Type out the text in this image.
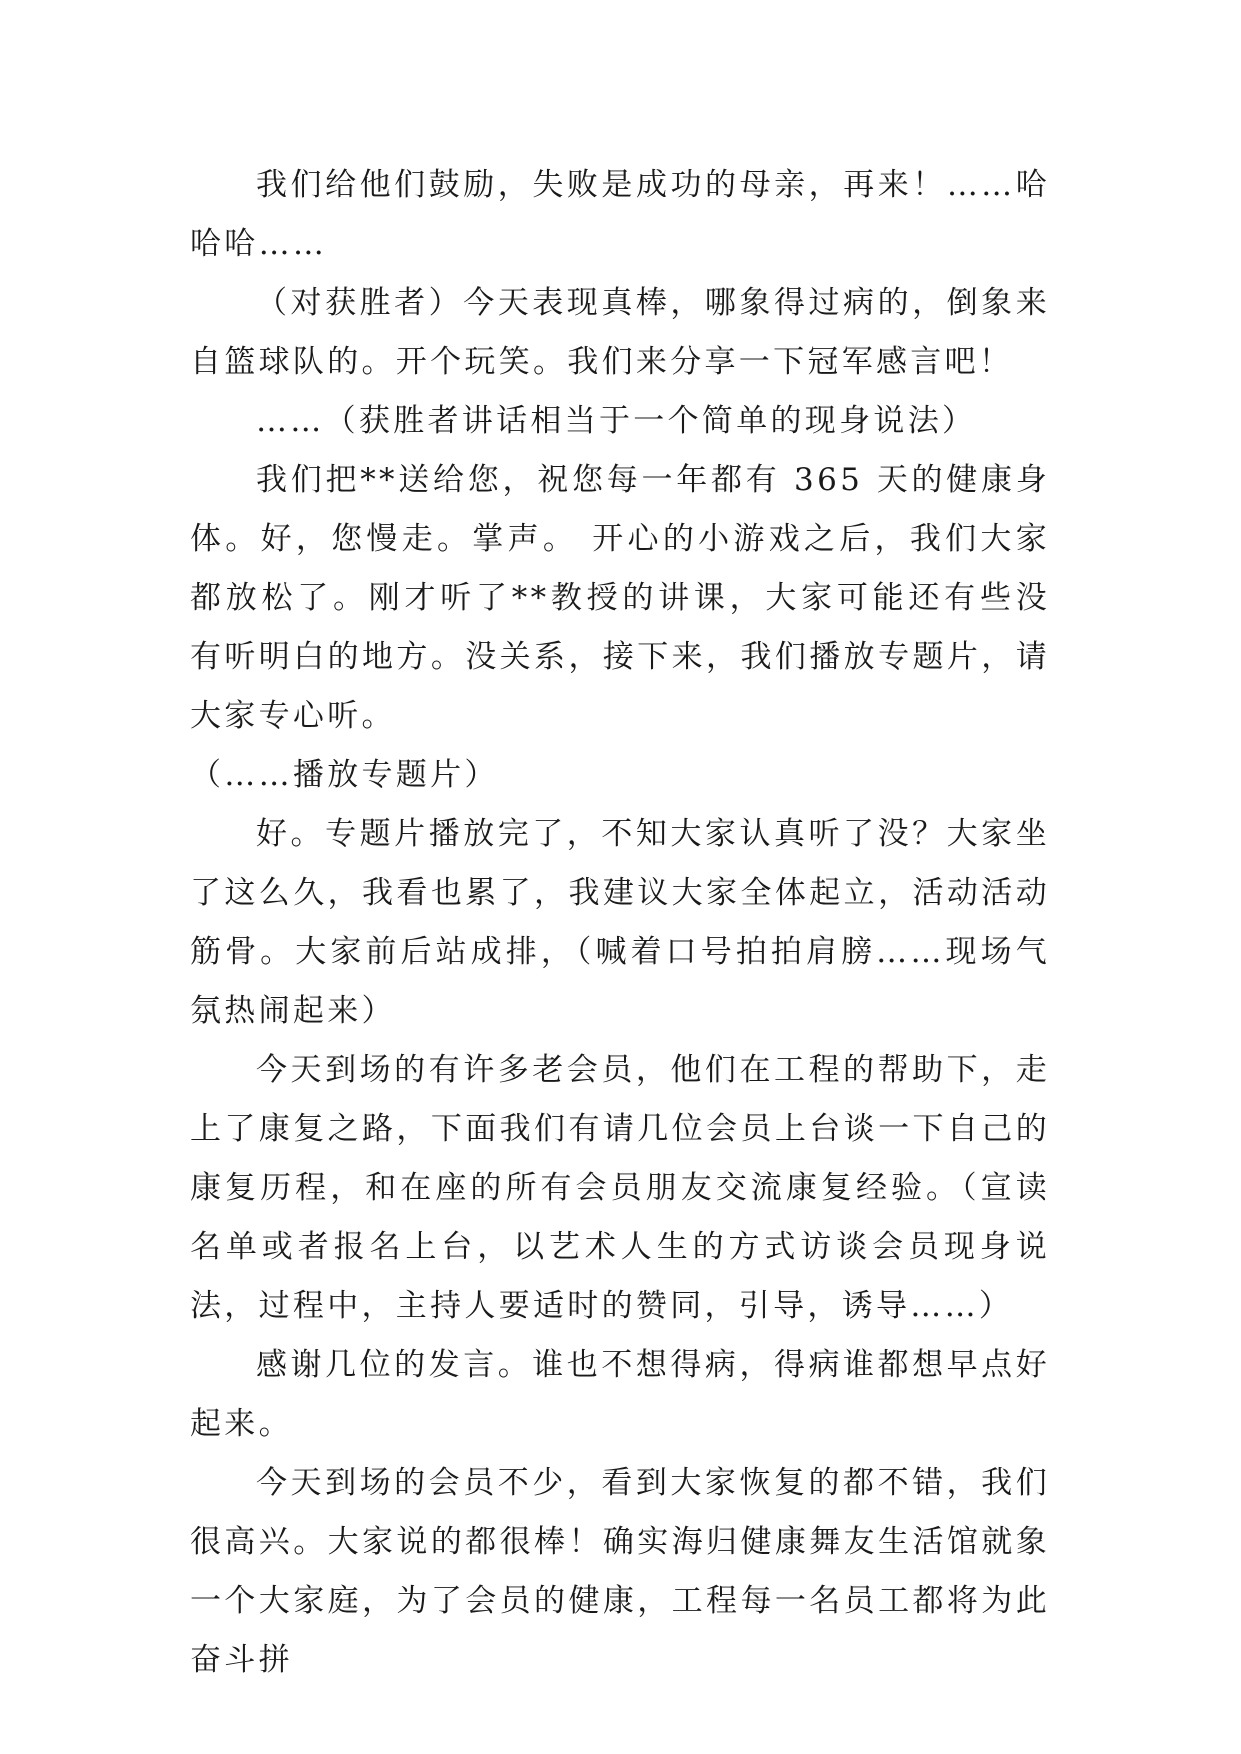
我们给他们鼓励，失败是成功的母亲，再来！……哈哈哈……

（对获胜者）今天表现真棒，哪象得过病的，倒象来自篮球队的。开个玩笑。我们来分享一下冠军感言吧！

……（获胜者讲话相当于一个简单的现身说法）

我们把**送给您，祝您每一年都有 365 天的健康身体。好，您慢走。掌声。 开心的小游戏之后，我们大家都放松了。刚才听了**教授的讲课，大家可能还有些没有听明白的地方。没关系，接下来，我们播放专题片，请大家专心听。

（……播放专题片）

好。专题片播放完了，不知大家认真听了没？大家坐了这么久，我看也累了，我建议大家全体起立，活动活动筋骨。大家前后站成排，（喊着口号拍拍肩膀……现场气氛热闹起来）

今天到场的有许多老会员，他们在工程的帮助下，走上了康复之路，下面我们有请几位会员上台谈一下自己的康复历程，和在座的所有会员朋友交流康复经验。（宣读名单或者报名上台，以艺术人生的方式访谈会员现身说法，过程中，主持人要适时的赞同，引导，诱导……）

感谢几位的发言。谁也不想得病，得病谁都想早点好起来。

今天到场的会员不少，看到大家恢复的都不错，我们很高兴。大家说的都很棒！确实海归健康舞友生活馆就象一个大家庭，为了会员的健康，工程每一名员工都将为此奋斗拼
